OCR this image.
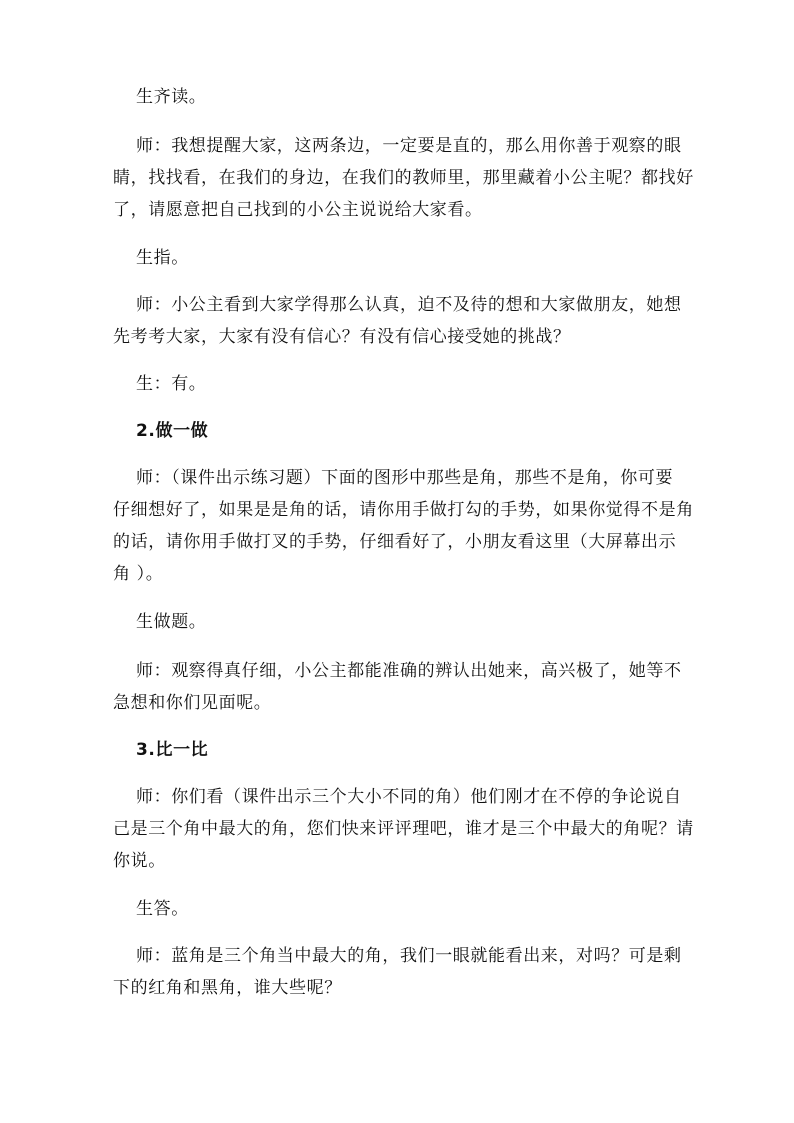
生齐读。
师：我想提醒大家，这两条边，一定要是直的，那么用你善于观察的眼
睛，找找看，在我们的身边，在我们的教师里，那里藏着小公主呢？都找好
了，请愿意把自己找到的小公主说说给大家看。
生指。
师：小公主看到大家学得那么认真，迫不及待的想和大家做朋友，她想
先考考大家，大家有没有信心？有没有信心接受她的挑战？
生：有。
2.做一做
师：（课件出示练习题）下面的图形中那些是角，那些不是角，你可要
仔细想好了，如果是是角的话，请你用手做打勾的手势，如果你觉得不是角
的话，请你用手做打叉的手势，仔细看好了，小朋友看这里（大屏幕出示
角 ）。
生做题。
师：观察得真仔细，小公主都能准确的辨认出她来，高兴极了，她等不
急想和你们见面呢。
3.比一比
师：你们看（课件出示三个大小不同的角）他们刚才在不停的争论说自
己是三个角中最大的角，您们快来评评理吧，谁才是三个中最大的角呢？请
你说。
生答。
师：蓝角是三个角当中最大的角，我们一眼就能看出来，对吗？可是剩
下的红角和黑角，谁大些呢？
